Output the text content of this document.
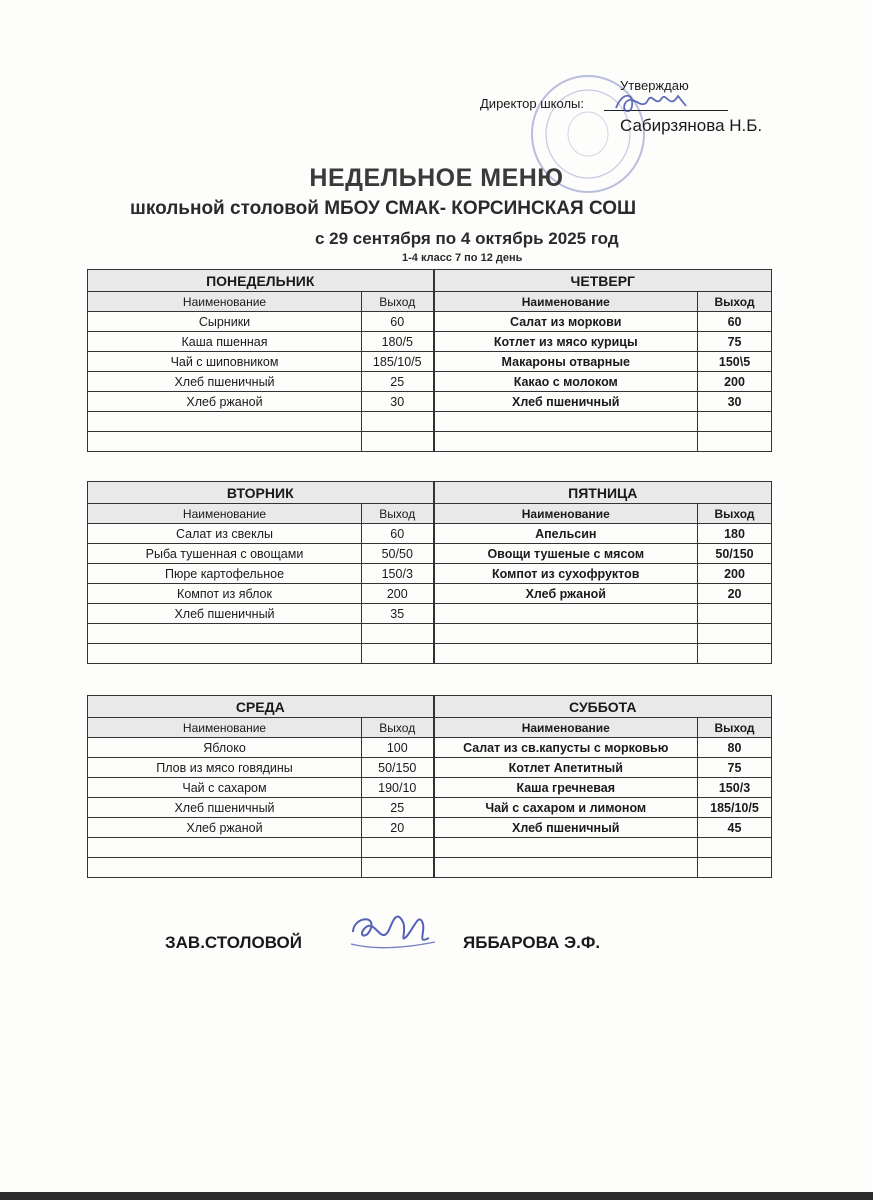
Утверждаю
Директор школы:
Сабирзянова Н.Б.
НЕДЕЛЬНОЕ МЕНЮ
школьной столовой МБОУ СМАК- КОРСИНСКАЯ СОШ
с 29 сентября по 4 октябрь 2025 год
1-4 класс 7 по 12 день
ПОНЕДЕЛЬНИК		ЧЕТВЕРГ	
Наименование	Выход	Наименование	Выход
Сырники	60	Салат из моркови	60
Каша пшенная	180/5	Котлет из мясо курицы	75
Чай с шиповником	185/10/5	Макароны отварные	150\5
Хлеб пшеничный	25	Какао с молоком	200
Хлеб ржаной	30	Хлеб пшеничный	30

ВТОРНИК		ПЯТНИЦА	
Наименование	Выход	Наименование	Выход
Салат из свеклы	60	Апельсин	180
Рыба тушенная с овощами	50/50	Овощи тушеные с мясом	50/150
Пюре картофельное	150/3	Компот из сухофруктов	200
Компот из яблок	200	Хлеб ржаной	20
Хлеб пшеничный	35		

СРЕДА		СУББОТА	
Наименование	Выход	Наименование	Выход
Яблоко	100	Салат из св.капусты с морковью	80
Плов из мясо говядины	50/150	Котлет Апетитный	75
Чай с сахаром	190/10	Каша гречневая	150/3
Хлеб пшеничный	25	Чай с сахаром и лимоном	185/10/5
Хлеб ржаной	20	Хлеб пшеничный	45

ЗАВ.СТОЛОВОЙ	ЯББАРОВА Э.Ф.
